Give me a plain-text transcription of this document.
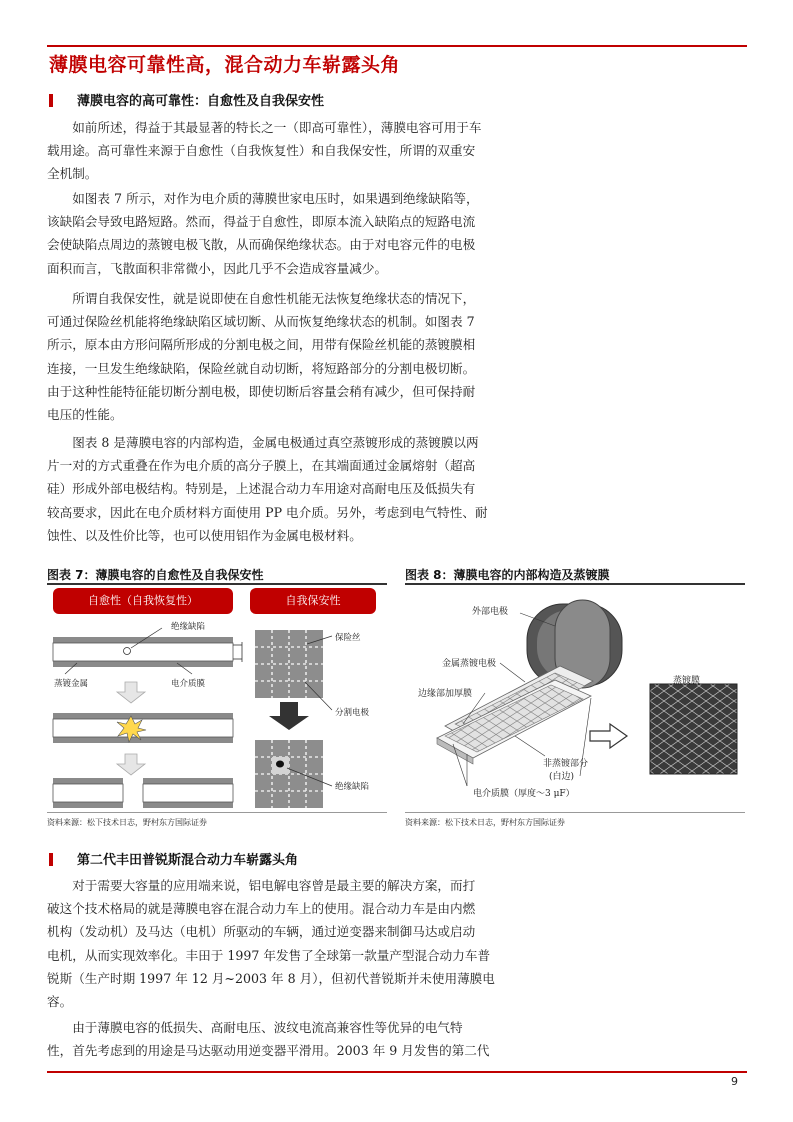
薄膜电容可靠性高，混合动力车崭露头角
薄膜电容的高可靠性：自愈性及自我保安性

如前所述，得益于其最显著的特长之一（即高可靠性），薄膜电容可用于车
载用途。高可靠性来源于自愈性（自我恢复性）和自我保安性，所谓的双重安
全机制。

如图表 7 所示，对作为电介质的薄膜世家电压时，如果遇到绝缘缺陷等，
该缺陷会导致电路短路。然而，得益于自愈性，即原本流入缺陷点的短路电流
会使缺陷点周边的蒸镀电极飞散，从而确保绝缘状态。由于对电容元件的电极
面积而言，飞散面积非常微小，因此几乎不会造成容量减少。

所谓自我保安性，就是说即使在自愈性机能无法恢复绝缘状态的情况下，
可通过保险丝机能将绝缘缺陷区域切断、从而恢复绝缘状态的机制。如图表 7
所示，原本由方形问隔所形成的分割电极之间，用带有保险丝机能的蒸镀膜相
连接，一旦发生绝缘缺陷，保险丝就自动切断，将短路部分的分割电极切断。
由于这种性能特征能切断分割电极，即使切断后容量会稍有减少，但可保持耐
电压的性能。

图表 8 是薄膜电容的内部构造，金属电极通过真空蒸镀形成的蒸镀膜以两
片一对的方式重叠在作为电介质的高分子膜上，在其端面通过金属熔射（超高
硅）形成外部电极结构。特别是，上述混合动力车用途对高耐电压及低损失有
较高要求，因此在电介质材料方面使用 PP 电介质。另外，考虑到电气特性、耐
蚀性、以及性价比等，也可以使用铝作为金属电极材料。

图表 7：薄膜电容的自愈性及自我保安性
自愈性（自我恢复性）	自我保安性
绝缘缺陷
蒸镀金属	电介质膜
保险丝
分割电极
绝缘缺陷
资料来源：松下技术日志，野村东方国际证券
图表 8：薄膜电容的内部构造及蒸镀膜
外部电极
金属蒸镀电极
边缘部加厚膜
非蒸镀部分
(白边)
电介质膜（厚度～3 μF）
蒸镀膜
资料来源：松下技术日志，野村东方国际证券
第二代丰田普锐斯混合动力车崭露头角

对于需要大容量的应用端来说，铝电解电容曾是最主要的解决方案，而打
破这个技术格局的就是薄膜电容在混合动力车上的使用。混合动力车是由内燃
机构（发动机）及马达（电机）所驱动的车辆，通过逆变器来制御马达或启动
电机，从而实现效率化。丰田于 1997 年发售了全球第一款量产型混合动力车普
锐斯（生产时期 1997 年 12 月~2003 年 8 月），但初代普锐斯并未使用薄膜电
容。

由于薄膜电容的低损失、高耐电压、波纹电流高兼容性等优异的电气特
性，首先考虑到的用途是马达驱动用逆变器平滑用。2003 年 9 月发售的第二代

9
